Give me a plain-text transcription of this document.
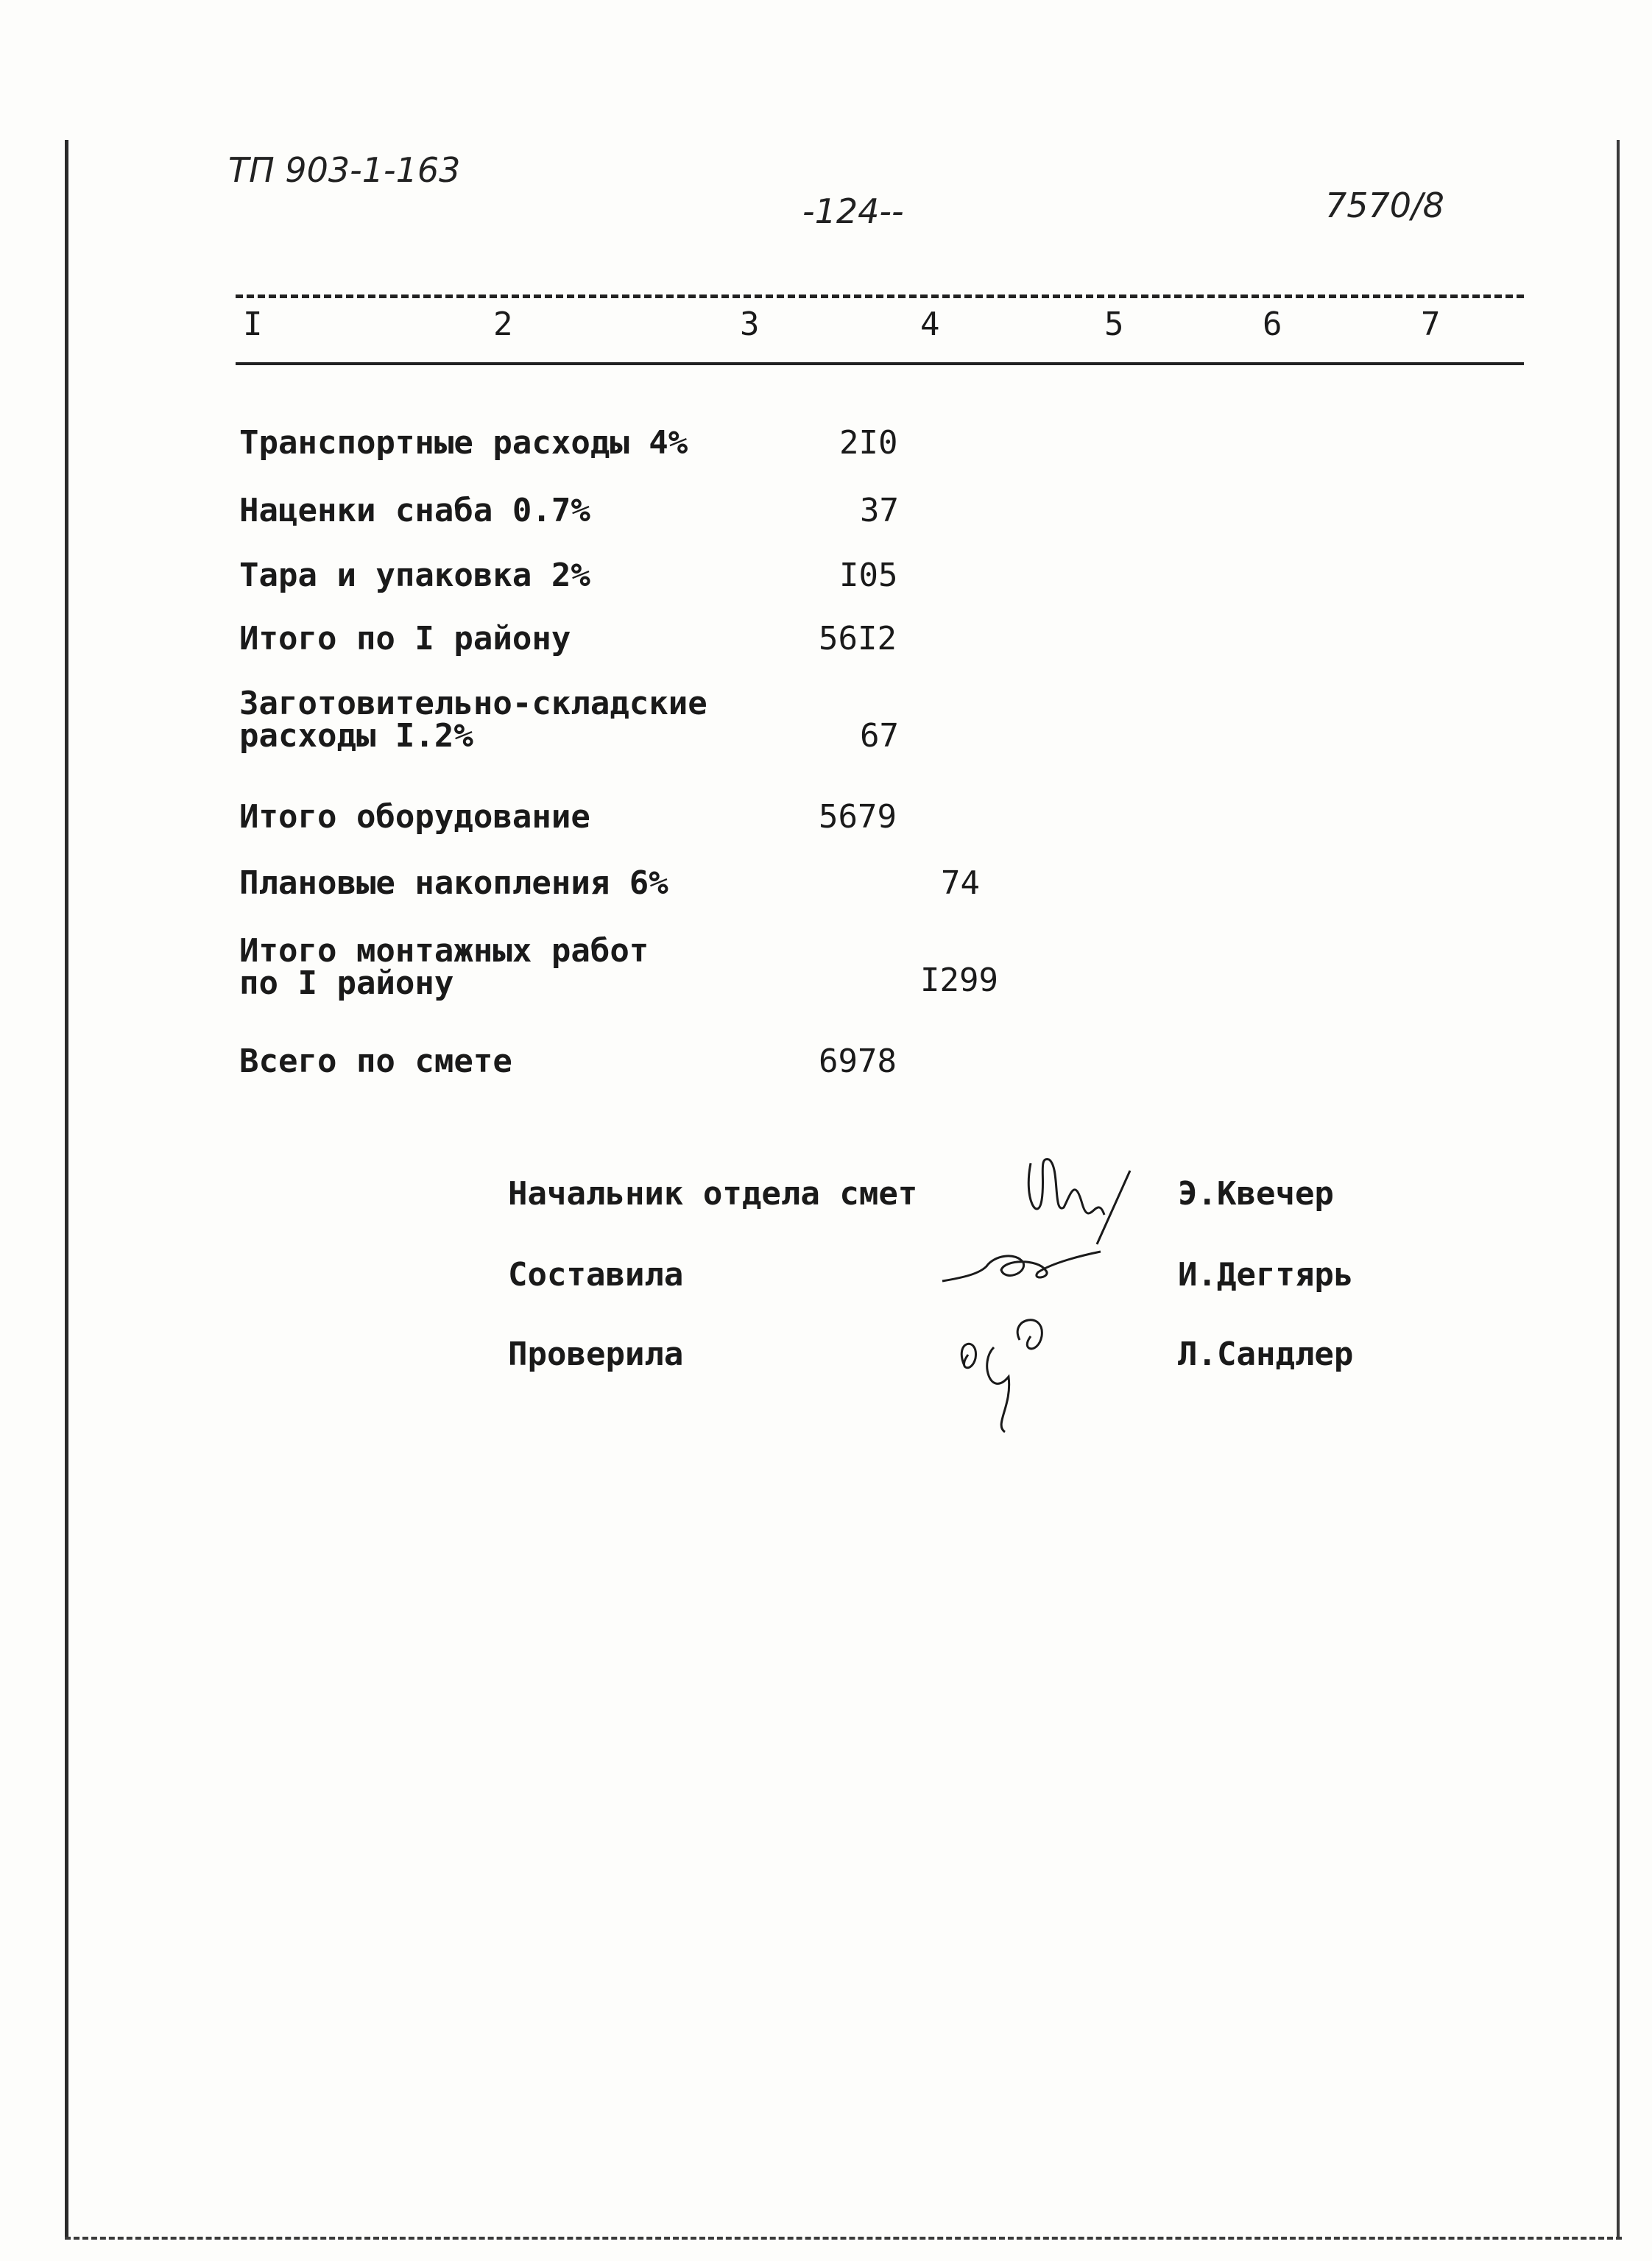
ТП 903-1-163
-124--	7570/8
I	2	3	4	5	6	7
Транспортные расходы 4%	2I0
Наценки снаба 0.7%	37
Тара и упаковка 2%	I05
Итого по I району	56I2
Заготовительно-складские
расходы I.2%	67
Итого оборудование	5679
Плановые накопления 6%	74
Итого монтажных работ
по I району	I299
Всего по смете	6978
Начальник отдела смет	Э.Квечер
Составила	И.Дегтярь
Проверила	Л.Сандлер
